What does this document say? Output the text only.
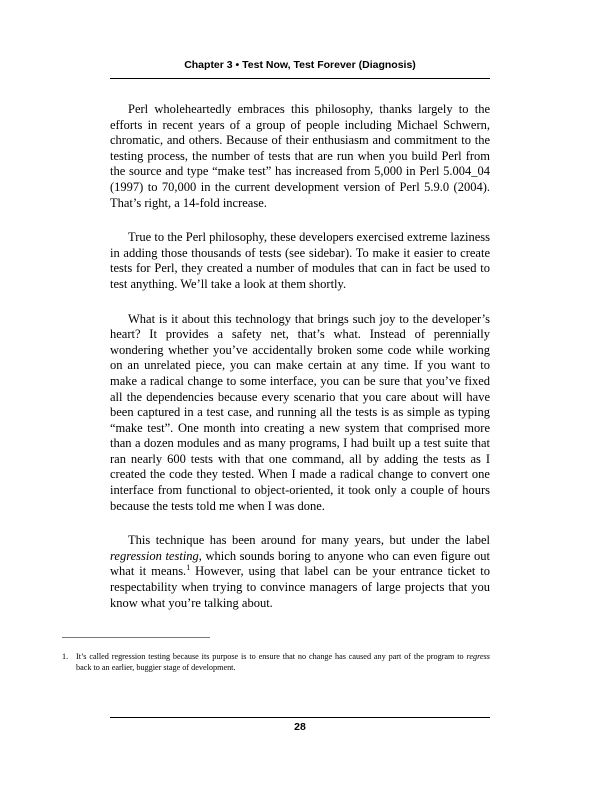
Chapter 3 • Test Now, Test Forever (Diagnosis)

Perl wholeheartedly embraces this philosophy, thanks largely to the efforts in recent years of a group of people including Michael Schwern, chromatic, and others. Because of their enthusiasm and commitment to the testing process, the number of tests that are run when you build Perl from the source and type “make test” has increased from 5,000 in Perl 5.004_04 (1997) to 70,000 in the current development version of Perl 5.9.0 (2004). That’s right, a 14-fold increase.

True to the Perl philosophy, these developers exercised extreme laziness in adding those thousands of tests (see sidebar). To make it easier to create tests for Perl, they created a number of modules that can in fact be used to test anything. We’ll take a look at them shortly.

What is it about this technology that brings such joy to the developer’s heart? It provides a safety net, that’s what. Instead of perennially wondering whether you’ve accidentally broken some code while working on an unrelated piece, you can make certain at any time. If you want to make a radical change to some interface, you can be sure that you’ve fixed all the dependencies because every scenario that you care about will have been captured in a test case, and running all the tests is as simple as typing “make test”. One month into creating a new system that comprised more than a dozen modules and as many programs, I had built up a test suite that ran nearly 600 tests with that one command, all by adding the tests as I created the code they tested. When I made a radical change to convert one interface from functional to object-oriented, it took only a couple of hours because the tests told me when I was done.

This technique has been around for many years, but under the label regression testing, which sounds boring to anyone who can even figure out what it means.$^1$ However, using that label can be your entrance ticket to respectability when trying to convince managers of large projects that you know what you’re talking about.

1. It’s called regression testing because its purpose is to ensure that no change has caused any part of the program to regress back to an earlier, buggier stage of development.

28
